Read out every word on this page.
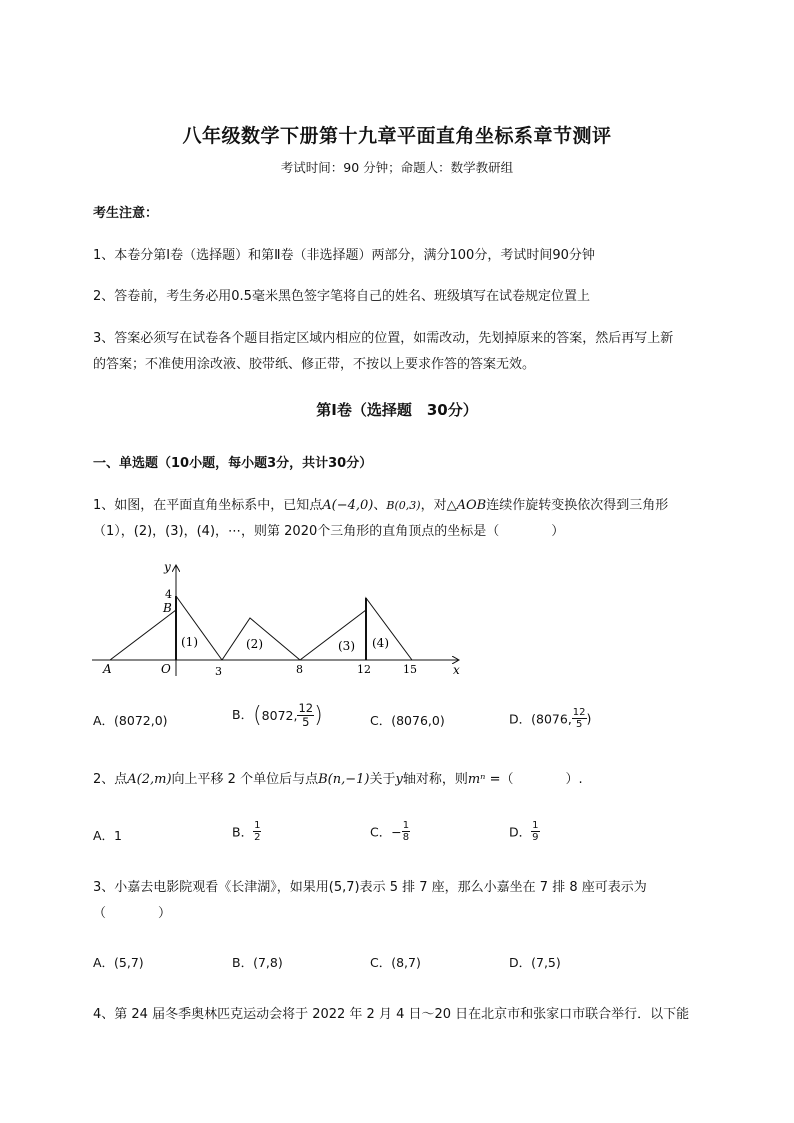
八年级数学下册第十九章平面直角坐标系章节测评
考试时间：90 分钟；命题人：数学教研组
考生注意：
1、本卷分第I卷（选择题）和第Ⅱ卷（非选择题）两部分，满分100分，考试时间90分钟
2、答卷前，考生务必用0.5毫米黑色签字笔将自己的姓名、班级填写在试卷规定位置上
3、答案必须写在试卷各个题目指定区域内相应的位置，如需改动，先划掉原来的答案，然后再写上新
的答案；不准使用涂改液、胶带纸、修正带，不按以上要求作答的答案无效。
第I卷（选择题　30分）
一、单选题（10小题，每小题3分，共计30分）
1、如图，在平面直角坐标系中，已知点A(−4,0)、B(0,3)，对△AOB连续作旋转变换依次得到三角形
（1），(2)，(3)，(4)，⋯，则第 2020个三角形的直角顶点的坐标是（　　　　）
y
x
4
B
A	O	3	8	12	15
(1)	(2)	(3) (4)
A．(8072,0)	B．(8072, $\frac{12}{5}$ )	C．(8076,0)	D．(8076, $\frac{12}{5}$ )
2、点A(2,m)向上平移 2 个单位后与点B(n,−1)关于y轴对称，则mⁿ =（　　　　）.
A．1	B． $\frac{1}{2}$	C．− $\frac{1}{8}$	D． $\frac{1}{9}$
3、小嘉去电影院观看《长津湖》，如果用(5,7)表示 5 排 7 座，那么小嘉坐在 7 排 8 座可表示为
（　　　　）
A．(5,7)	B．(7,8)	C．(8,7)	D．(7,5)
4、第 24 届冬季奥林匹克运动会将于 2022 年 2 月 4 日～20 日在北京市和张家口市联合举行．以下能
